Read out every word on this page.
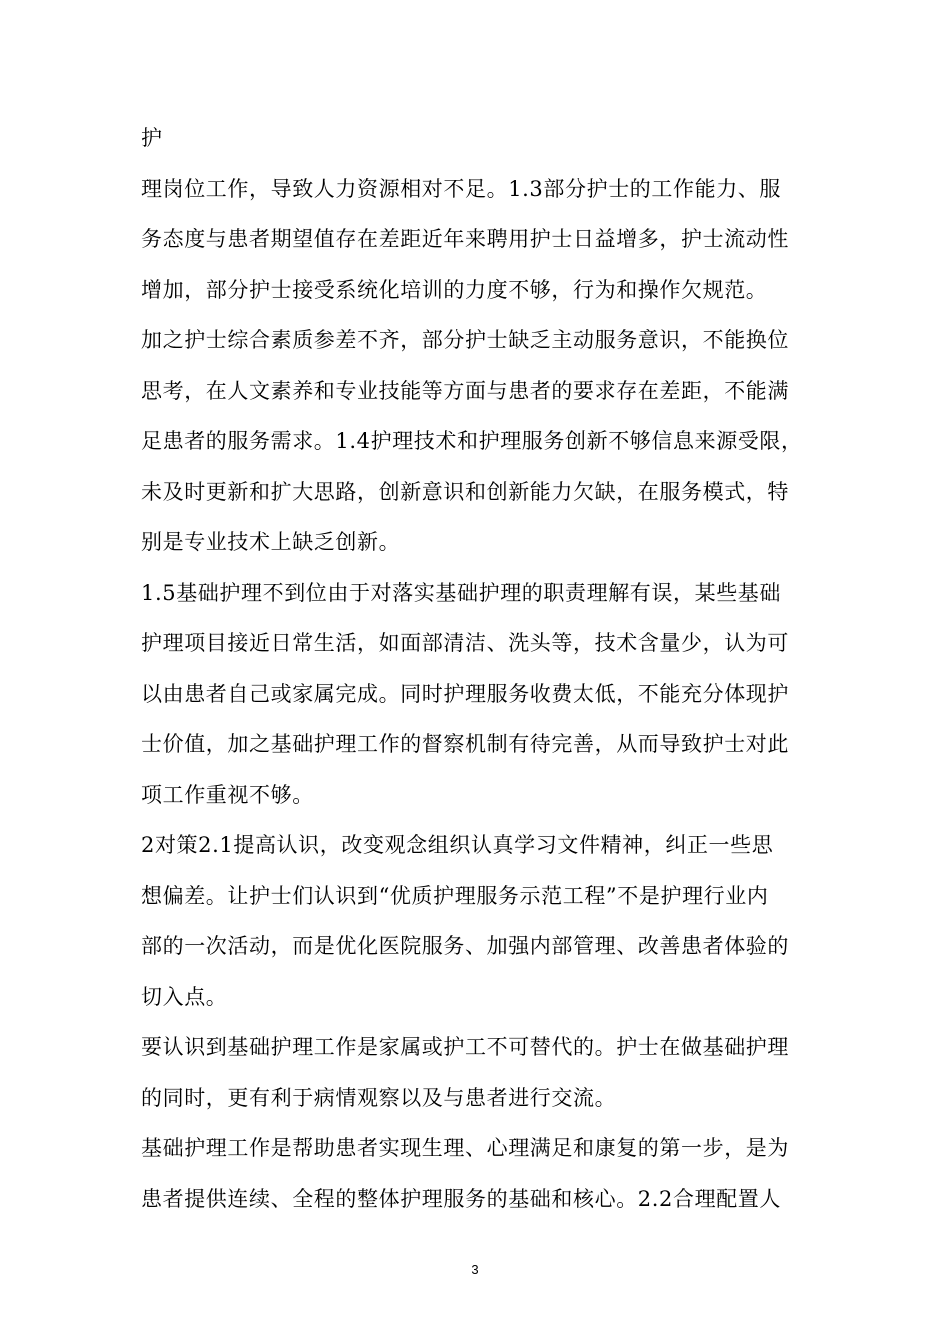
护
理岗位工作，导致人力资源相对不足。1.3部分护士的工作能力、服
务态度与患者期望值存在差距近年来聘用护士日益增多，护士流动性
增加，部分护士接受系统化培训的力度不够，行为和操作欠规范。
加之护士综合素质参差不齐，部分护士缺乏主动服务意识，不能换位
思考，在人文素养和专业技能等方面与患者的要求存在差距，不能满
足患者的服务需求。1.4护理技术和护理服务创新不够信息来源受限，
未及时更新和扩大思路，创新意识和创新能力欠缺，在服务模式，特
别是专业技术上缺乏创新。
1.5基础护理不到位由于对落实基础护理的职责理解有误，某些基础
护理项目接近日常生活，如面部清洁、洗头等，技术含量少，认为可
以由患者自己或家属完成。同时护理服务收费太低，不能充分体现护
士价值，加之基础护理工作的督察机制有待完善，从而导致护士对此
项工作重视不够。
2对策2.1提高认识，改变观念组织认真学习文件精神，纠正一些思
想偏差。让护士们认识到“优质护理服务示范工程”不是护理行业内
部的一次活动，而是优化医院服务、加强内部管理、改善患者体验的
切入点。
要认识到基础护理工作是家属或护工不可替代的。护士在做基础护理
的同时，更有利于病情观察以及与患者进行交流。
基础护理工作是帮助患者实现生理、心理满足和康复的第一步，是为
患者提供连续、全程的整体护理服务的基础和核心。2.2合理配置人
3
